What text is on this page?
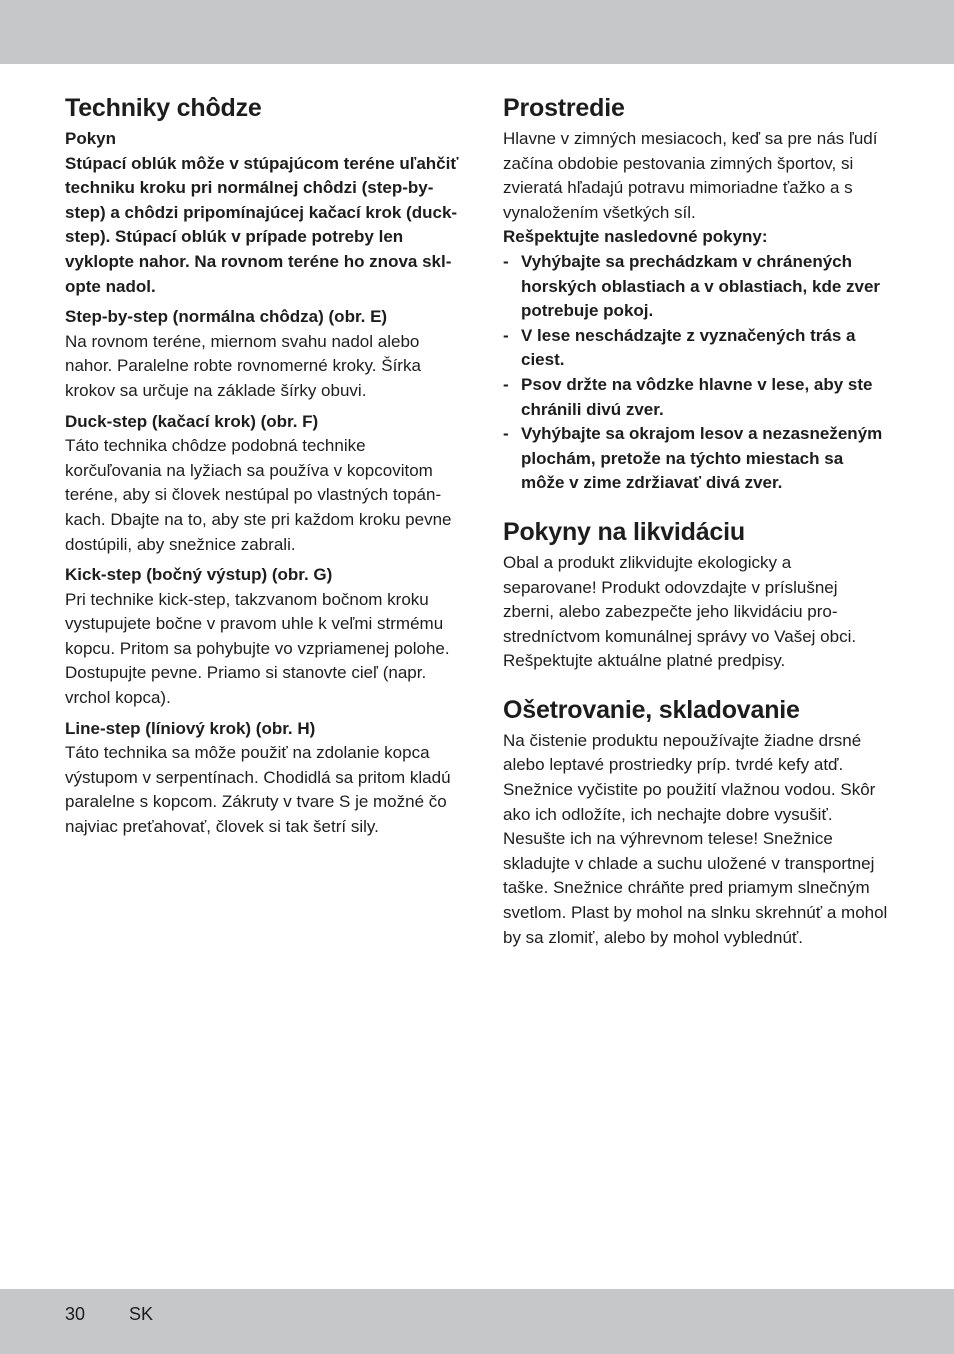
Techniky chôdze

Pokyn

Stúpací oblúk môže v stúpajúcom teréne uľahčiť techniku kroku pri normálnej chôdzi (step-by-step) a chôdzi pripomínajúcej kačací krok (duck-step). Stúpací oblúk v prípade potreby len vyklopte nahor. Na rovnom teréne ho znova sklopte nadol.

Step-by-step (normálna chôdza) (obr. E)

Na rovnom teréne, miernom svahu nadol alebo nahor. Paralelne robte rovnomerné kroky. Šírka krokov sa určuje na základe šírky obuvi.

Duck-step (kačací krok) (obr. F)

Táto technika chôdze podobná technike korčuľovania na lyžiach sa používa v kopcovitom teréne, aby si človek nestúpal po vlastných topánkach. Dbajte na to, aby ste pri každom kroku pevne dostúpili, aby snežnice zabrali.

Kick-step (bočný výstup) (obr. G)

Pri technike kick-step, takzvanom bočnom kroku vystupujete bočne v pravom uhle k veľmi strmému kopcu. Pritom sa pohybujte vo vzpriamenej polohe. Dostupujte pevne. Priamo si stanovte cieľ (napr. vrchol kopca).

Line-step (líniový krok) (obr. H)

Táto technika sa môže použiť na zdolanie kopca výstupom v serpentínach. Chodidlá sa pritom kladú paralelne s kopcom. Zákruty v tvare S je možné čo najviac preťahovať, človek si tak šetrí sily.

Prostredie

Hlavne v zimných mesiacoch, keď sa pre nás ľudí začína obdobie pestovania zimných športov, si zvieratá hľadajú potravu mimoriadne ťažko a s vynaložením všetkých síl.

Rešpektujte nasledovné pokyny:

- Vyhýbajte sa prechádzkam v chránených horských oblastiach a v oblastiach, kde zver potrebuje pokoj.
- V lese neschádzajte z vyznačených trás a ciest.
- Psov držte na vôdzke hlavne v lese, aby ste chránili divú zver.
- Vyhýbajte sa okrajom lesov a nezasneženým plochám, pretože na týchto miestach sa môže v zime zdržiavať divá zver.
Pokyny na likvidáciu

Obal a produkt zlikvidujte ekologicky a separovane! Produkt odovzdajte v príslušnej zberni, alebo zabezpečte jeho likvidáciu prostredníctvom komunálnej správy vo Vašej obci. Rešpektujte aktuálne platné predpisy.

Ošetrovanie, skladovanie

Na čistenie produktu nepoužívajte žiadne drsné alebo leptavé prostriedky príp. tvrdé kefy atď. Snežnice vyčistite po použití vlažnou vodou. Skôr ako ich odložíte, ich nechajte dobre vysušiť. Nesušte ich na výhrevnom telese! Snežnice skladujte v chlade a suchu uložené v transportnej taške. Snežnice chráňte pred priamym slnečným svetlom. Plast by mohol na slnku skrehnúť a mohol by sa zlomiť, alebo by mohol vyblednúť.

30 SK
